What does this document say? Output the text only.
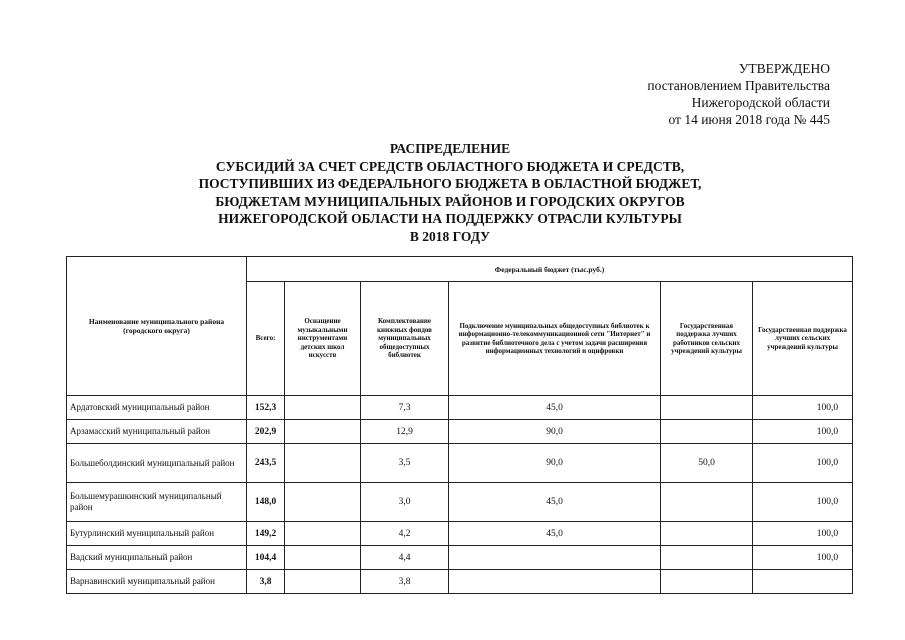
УТВЕРЖДЕНО
постановлением Правительства
Нижегородской области
от 14 июня 2018 года № 445
РАСПРЕДЕЛЕНИЕ
СУБСИДИЙ ЗА СЧЕТ СРЕДСТВ ОБЛАСТНОГО БЮДЖЕТА И СРЕДСТВ,
ПОСТУПИВШИХ ИЗ ФЕДЕРАЛЬНОГО БЮДЖЕТА В ОБЛАСТНОЙ БЮДЖЕТ,
БЮДЖЕТАМ МУНИЦИПАЛЬНЫХ РАЙОНОВ И ГОРОДСКИХ ОКРУГОВ
НИЖЕГОРОДСКОЙ ОБЛАСТИ НА ПОДДЕРЖКУ ОТРАСЛИ КУЛЬТУРЫ
В 2018 ГОДУ
Наименование муниципального района (городского округа)	Федеральный бюджет (тыс.руб.)					
	Всего:	Оснащение музыкальными инструментами детских школ искусств	Комплектование книжных фондов муниципальных общедоступных библиотек	Подключение муниципальных общедоступных библиотек к информационно-телекоммуникационной сети "Интернет" и развитие библиотечного дела с учетом задачи расширения информационных технологий и оцифровки	Государственная поддержка лучших работников сельских учреждений культуры	Государственная поддержка лучших сельских учреждений культуры
Ардатовский муниципальный район	152,3		7,3	45,0		100,0
Арзамасский муниципальный район	202,9		12,9	90,0		100,0
Большеболдинский муниципальный район	243,5		3,5	90,0	50,0	100,0
Большемурашкинский муниципальный район	148,0		3,0	45,0		100,0
Бутурлинский муниципальный район	149,2		4,2	45,0		100,0
Вадский муниципальный район	104,4		4,4			100,0
Варнавинский муниципальный район	3,8		3,8			
